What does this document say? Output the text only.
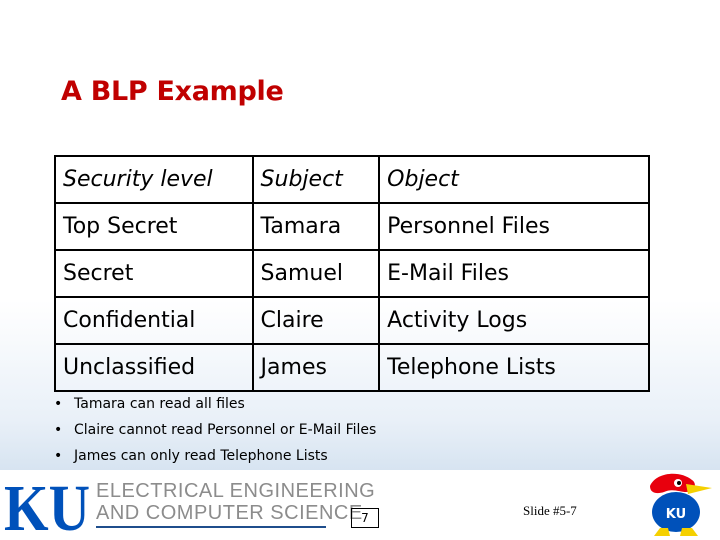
A BLP Example
Security level	Subject	Object
Top Secret	Tamara	Personnel Files
Secret	Samuel	E-Mail Files
Confidential	Claire	Activity Logs
Unclassified	James	Telephone Lists
• Tamara can read all files
• Claire cannot read Personnel or E-Mail Files
• James can only read Telephone Lists
KU ELECTRICAL ENGINEERING
AND COMPUTER SCIENCE
7	Slide #5-7	KU
